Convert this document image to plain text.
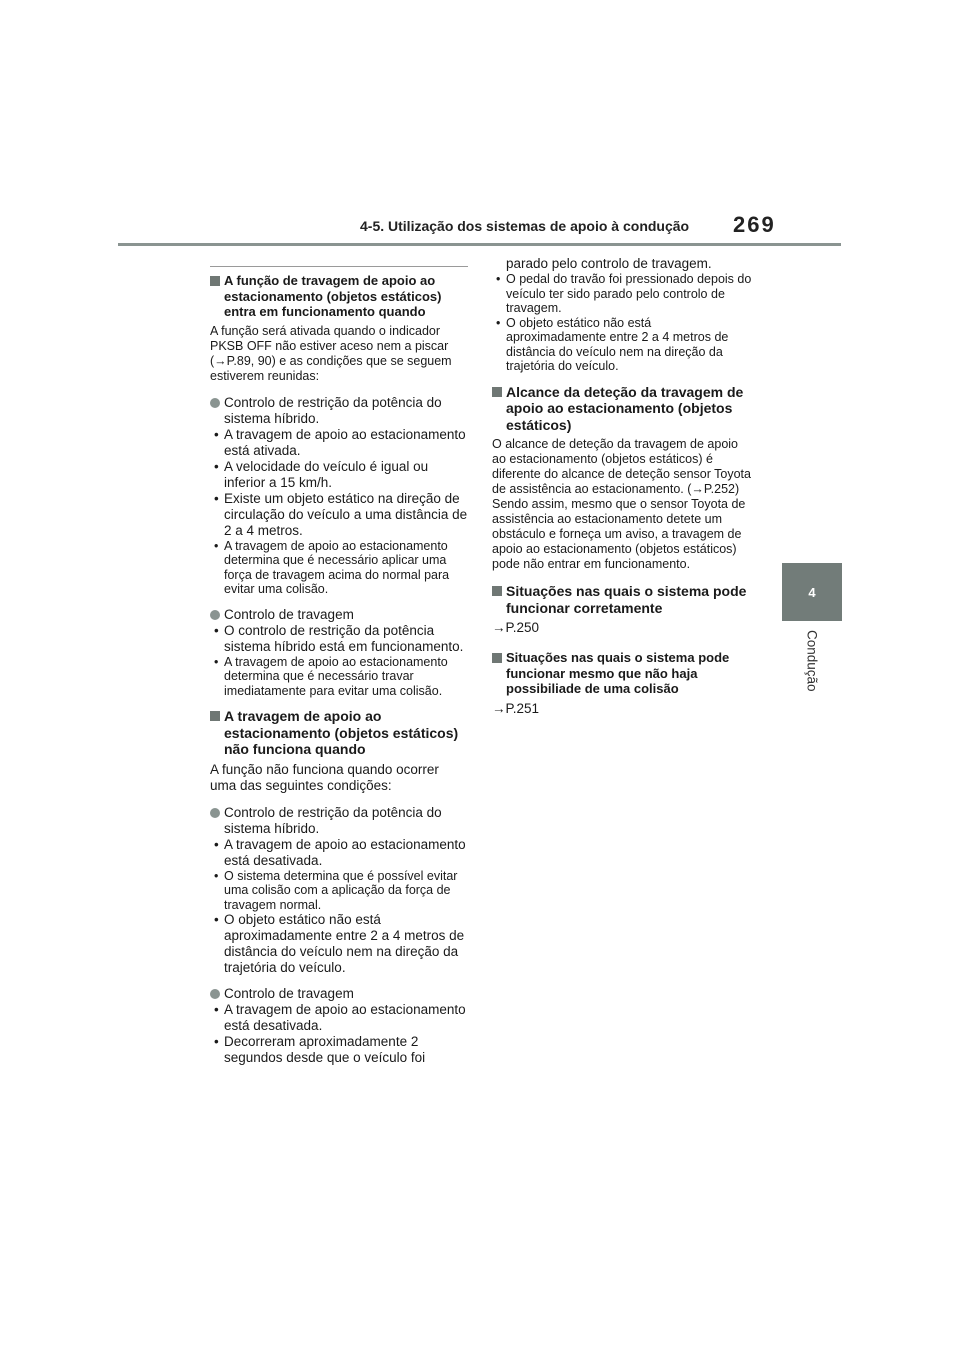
4-5. Utilização dos sistemas de apoio à condução 269
4
Condução
A função de travagem de apoio ao estacionamento (objetos estáticos) entra em funcionamento quando
A função será ativada quando o indicador PKSB OFF não estiver aceso nem a piscar (→P.89, 90) e as condições que se seguem estiverem reunidas:
Controlo de restrição da potência do sistema híbrido.
• A travagem de apoio ao estacionamento está ativada.
• A velocidade do veículo é igual ou inferior a 15 km/h.
• Existe um objeto estático na direção de circulação do veículo a uma distância de 2 a 4 metros.
• A travagem de apoio ao estacionamento determina que é necessário aplicar uma força de travagem acima do normal para evitar uma colisão.
Controlo de travagem
• O controlo de restrição da potência sistema híbrido está em funcionamento.
• A travagem de apoio ao estacionamento determina que é necessário travar imediatamente para evitar uma colisão.
A travagem de apoio ao estacionamento (objetos estáticos) não funciona quando
A função não funciona quando ocorrer uma das seguintes condições:
Controlo de restrição da potência do sistema híbrido.
• A travagem de apoio ao estacionamento está desativada.
• O sistema determina que é possível evitar uma colisão com a aplicação da força de travagem normal.
• O objeto estático não está aproximadamente entre 2 a 4 metros de distância do veículo nem na direção da trajetória do veículo.
Controlo de travagem
• A travagem de apoio ao estacionamento está desativada.
• Decorreram aproximadamente 2 segundos desde que o veículo foi
parado pelo controlo de travagem.
• O pedal do travão foi pressionado depois do veículo ter sido parado pelo controlo de travagem.
• O objeto estático não está aproximadamente entre 2 a 4 metros de distância do veículo nem na direção da trajetória do veículo.
Alcance da deteção da travagem de apoio ao estacionamento (objetos estáticos)
O alcance de deteção da travagem de apoio ao estacionamento (objetos estáticos) é diferente do alcance de deteção sensor Toyota de assistência ao estacionamento. (→P.252) Sendo assim, mesmo que o sensor Toyota de assistência ao estacionamento detete um obstáculo e forneça um aviso, a travagem de apoio ao estacionamento (objetos estáticos) pode não entrar em funcionamento.
Situações nas quais o sistema pode funcionar corretamente
→P.250
Situações nas quais o sistema pode funcionar mesmo que não haja possibiliade de uma colisão
→P.251
